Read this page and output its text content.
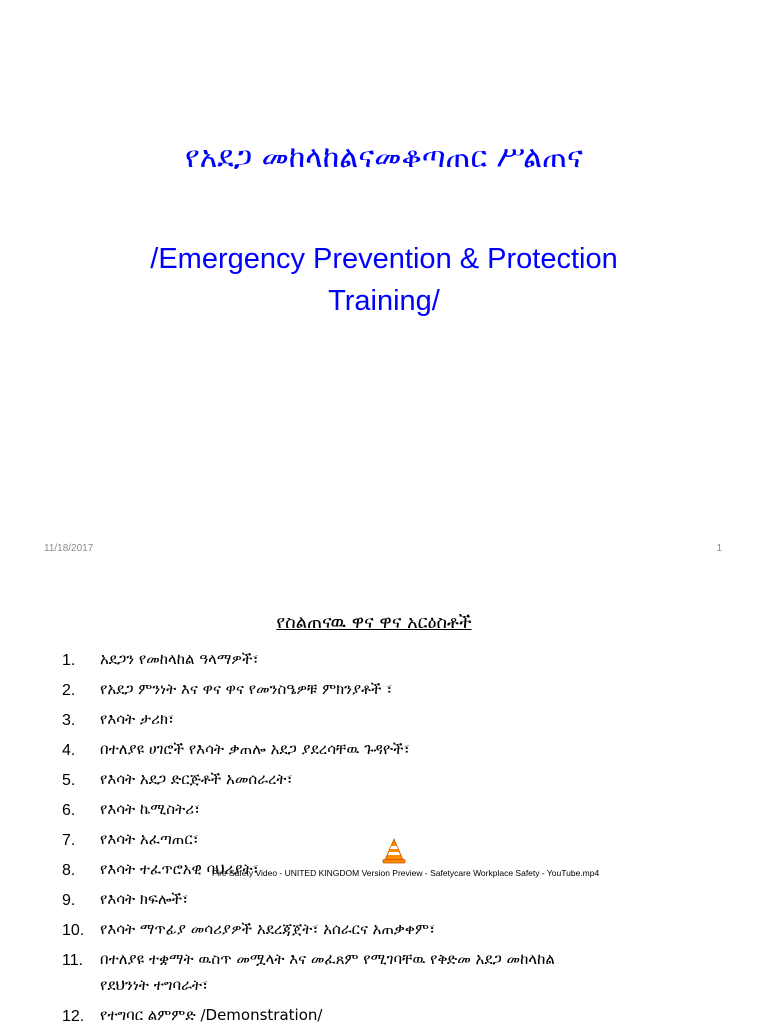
የአደጋ መከላከልናመቆጣጠር ሥልጠና
/Emergency Prevention & Protection
Training/
11/18/2017	1
የስልጠናዉ ዋና ዋና አርዕስቶች
1. አደጋን የመከላከል ዓላማዎች፣
2. የአደጋ ምንነት እና ዋና ዋና የመንስዔዎቹ ምክንያቶች ፣
3. የእሳት ታሪክ፣
4. በተለያዩ ሀገሮች የእሳት ቃጠሎ አደጋ ያደረሳቸዉ ጉዳዮች፣
5. የእሳት አደጋ ድርጅቶች አመሰራረት፣
6. የእሳት ኬሚስትሪ፣
7. የእሳት አፈጣጠር፣
8. የእሳት ተፈጥሮአዊ ባህሪያት፣
9. የእሳት ክፍሎች፣
10. የእሳት ማጥፊያ መሳሪያዎች አደረጃጀት፣ አሰራርና አጠቃቀም፣
11. በተለያዩ ተቋማት ዉስጥ መሟላት እና መፈጸም የሚገባቸዉ የቅድመ አደጋ መከላከል
የደህንነት ተግባራት፣
12. የተግባር ልምምድ /Demonstration/
Fire Safety Video - UNITED KINGDOM Version Preview - Safetycare Workplace Safety - YouTube.mp4
